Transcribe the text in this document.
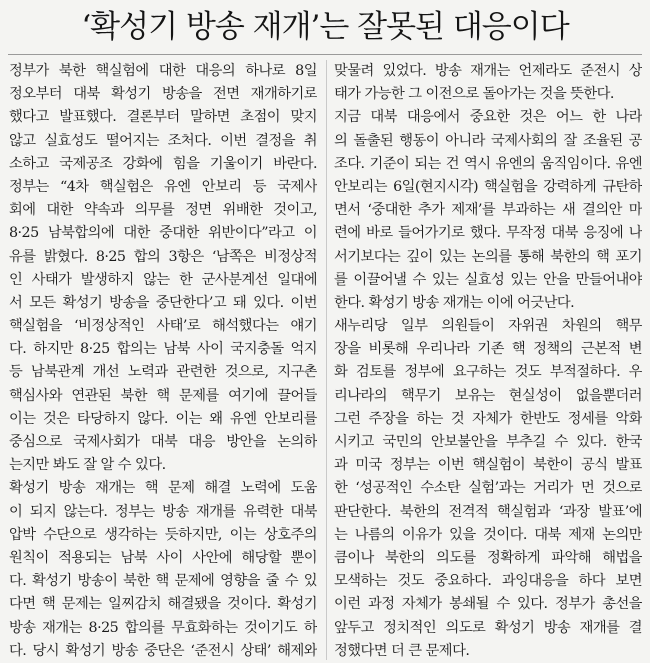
‘확성기 방송 재개’는 잘못된 대응이다

정부가 북한 핵실험에 대한 대응의 하나로 8일
정오부터 대북 확성기 방송을 전면 재개하기로
했다고 발표했다. 결론부터 말하면 초점이 맞지
않고 실효성도 떨어지는 조처다. 이번 결정을 취
소하고 국제공조 강화에 힘을 기울이기 바란다.

정부는 “4차 핵실험은 유엔 안보리 등 국제사
회에 대한 약속과 의무를 정면 위배한 것이고,
8·25 남북합의에 대한 중대한 위반이다”라고 이
유를 밝혔다. 8·25 합의 3항은 ‘남쪽은 비정상적
인 사태가 발생하지 않는 한 군사분계선 일대에
서 모든 확성기 방송을 중단한다’고 돼 있다. 이번
핵실험을 ‘비정상적인 사태’로 해석했다는 얘기
다. 하지만 8·25 합의는 남북 사이 국지충돌 억지
등 남북관계 개선 노력과 관련한 것으로, 지구촌
핵심사와 연관된 북한 핵 문제를 여기에 끌어들
이는 것은 타당하지 않다. 이는 왜 유엔 안보리를
중심으로 국제사회가 대북 대응 방안을 논의하
는지만 봐도 잘 알 수 있다.

확성기 방송 재개는 핵 문제 해결 노력에 도움
이 되지 않는다. 정부는 방송 재개를 유력한 대북
압박 수단으로 생각하는 듯하지만, 이는 상호주의
원칙이 적용되는 남북 사이 사안에 해당할 뿐이
다. 확성기 방송이 북한 핵 문제에 영향을 줄 수 있
다면 핵 문제는 일찌감치 해결됐을 것이다. 확성기
방송 재개는 8·25 합의를 무효화하는 것이기도 하
다. 당시 확성기 방송 중단은 ‘준전시 상태’ 해제와

맞물려 있었다. 방송 재개는 언제라도 준전시 상
태가 가능한 그 이전으로 돌아가는 것을 뜻한다.

지금 대북 대응에서 중요한 것은 어느 한 나라
의 돌출된 행동이 아니라 국제사회의 잘 조율된 공
조다. 기준이 되는 건 역시 유엔의 움직임이다. 유엔
안보리는 6일(현지시각) 핵실험을 강력하게 규탄하
면서 ‘중대한 추가 제재’를 부과하는 새 결의안 마
련에 바로 들어가기로 했다. 무작정 대북 응징에 나
서기보다는 깊이 있는 논의를 통해 북한의 핵 포기
를 이끌어낼 수 있는 실효성 있는 안을 만들어내야
한다. 확성기 방송 재개는 이에 어긋난다.

새누리당 일부 의원들이 자위권 차원의 핵무
장을 비롯해 우리나라 기존 핵 정책의 근본적 변
화 검토를 정부에 요구하는 것도 부적절하다. 우
리나라의 핵무기 보유는 현실성이 없을뿐더러
그런 주장을 하는 것 자체가 한반도 정세를 악화
시키고 국민의 안보불안을 부추길 수 있다. 한국
과 미국 정부는 이번 핵실험이 북한이 공식 발표
한 ‘성공적인 수소탄 실험’과는 거리가 먼 것으로
판단한다. 북한의 전격적 핵실험과 ‘과장 발표’에
는 나름의 이유가 있을 것이다. 대북 제재 논의만
큼이나 북한의 의도를 정확하게 파악해 해법을
모색하는 것도 중요하다. 과잉대응을 하다 보면
이런 과정 자체가 봉쇄될 수 있다. 정부가 총선을
앞두고 정치적인 의도로 확성기 방송 재개를 결
정했다면 더 큰 문제다.
